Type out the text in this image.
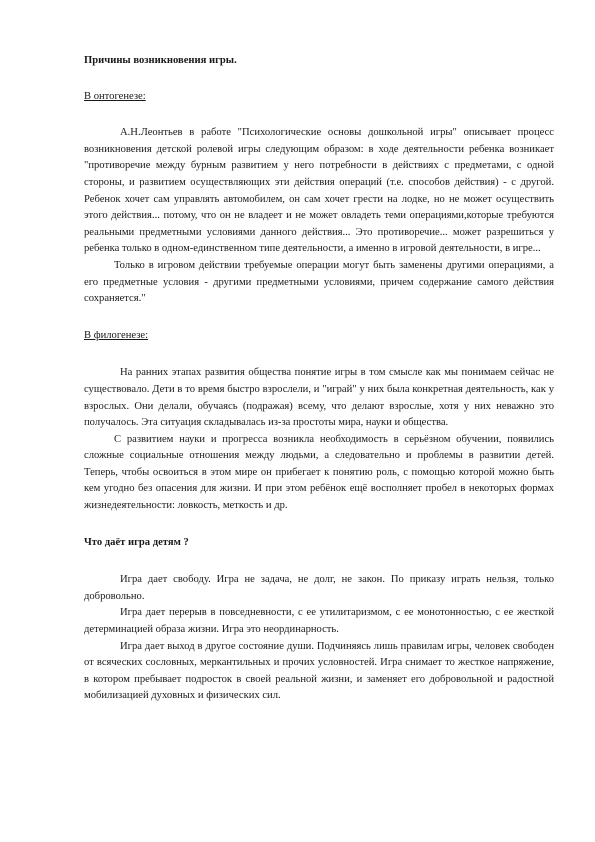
Причины возникновения игры.

В онтогенезе:

А.Н.Леонтьев в работе "Психологические основы дошкольной игры" описывает процесс возникновения детской ролевой игры следующим образом: в ходе деятельности ребенка возникает "противоречие между бурным развитием у него потребности в действиях с предметами, с одной стороны, и развитием осуществляющих эти действия операций (т.е. способов действия) - с другой. Ребенок хочет сам управлять автомобилем, он сам хочет грести на лодке, но не может осуществить этого действия... потому, что он не владеет и не может овладеть теми операциями,которые требуются реальными предметными условиями данного действия... Это противоречие... может разрешиться у ребенка только в одном-единственном типе деятельности, а именно в игровой деятельности, в игре...

Только в игровом действии требуемые операции могут быть заменены другими операциями, а его предметные условия - другими предметными условиями, причем содержание самого действия сохраняется."

В филогенезе:

На ранних этапах развития общества понятие игры в том смысле как мы понимаем сейчас не существовало. Дети в то время быстро взрослели, и "играй" у них была конкретная деятельность, как у взрослых. Они делали, обучаясь (подражая) всему, что делают взрослые, хотя у них неважно это получалось. Эта ситуация складывалась из-за простоты мира, науки и общества.

С развитием науки и прогресса возникла необходимость в серьёзном обучении, появились сложные социальные отношения между людьми, а следовательно и проблемы в развитии детей. Теперь, чтобы освоиться в этом мире он прибегает к понятию роль, с помощью которой можно быть кем угодно без опасения для жизни. И при этом ребёнок ещё восполняет пробел в некоторых формах жизнедеятельности: ловкость, меткость и др.

Что даёт игра детям ?

Игра дает свободу. Игра не задача, не долг, не закон. По приказу играть нельзя, только добровольно.

Игра дает перерыв в повседневности, с ее утилитаризмом, с ее монотонностью, с ее жесткой детерминацией образа жизни. Игра это неординарность.

Игра дает выход в другое состояние души. Подчиняясь лишь правилам игры, человек свободен от всяческих сословных, меркантильных и прочих условностей. Игра снимает то жесткое напряжение, в котором пребывает подросток в своей реальной жизни, и заменяет его добровольной и радостной мобилизацией духовных и физических сил.
